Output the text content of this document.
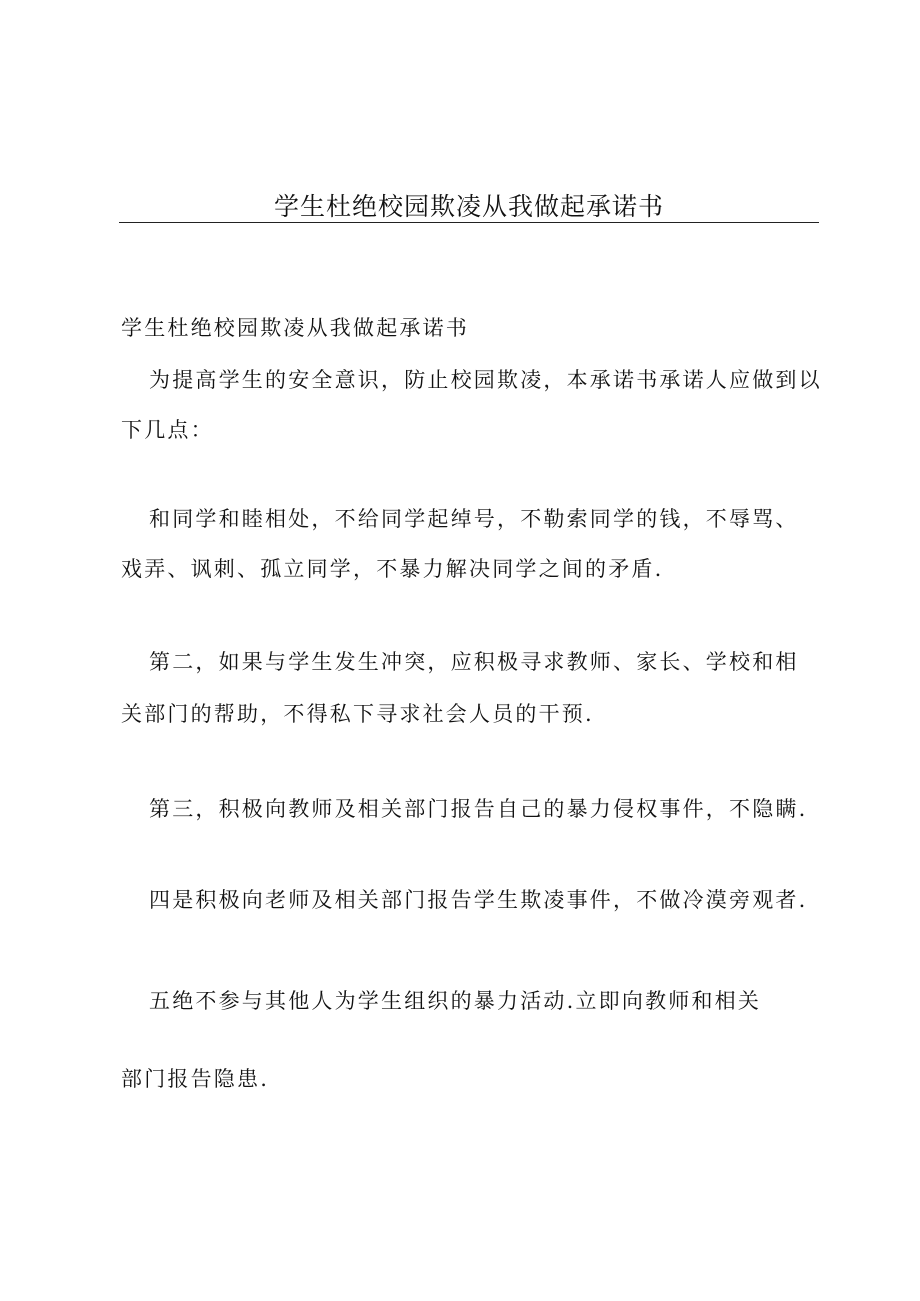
学生杜绝校园欺凌从我做起承诺书
学生杜绝校园欺凌从我做起承诺书
为提高学生的安全意识，防止校园欺凌，本承诺书承诺人应做到以
下几点：
和同学和睦相处，不给同学起绰号，不勒索同学的钱，不辱骂、
戏弄、讽刺、孤立同学，不暴力解决同学之间的矛盾.
第二，如果与学生发生冲突，应积极寻求教师、家长、学校和相
关部门的帮助，不得私下寻求社会人员的干预.
第三，积极向教师及相关部门报告自己的暴力侵权事件，不隐瞒.
四是积极向老师及相关部门报告学生欺凌事件，不做冷漠旁观者.
五绝不参与其他人为学生组织的暴力活动.立即向教师和相关
部门报告隐患.
